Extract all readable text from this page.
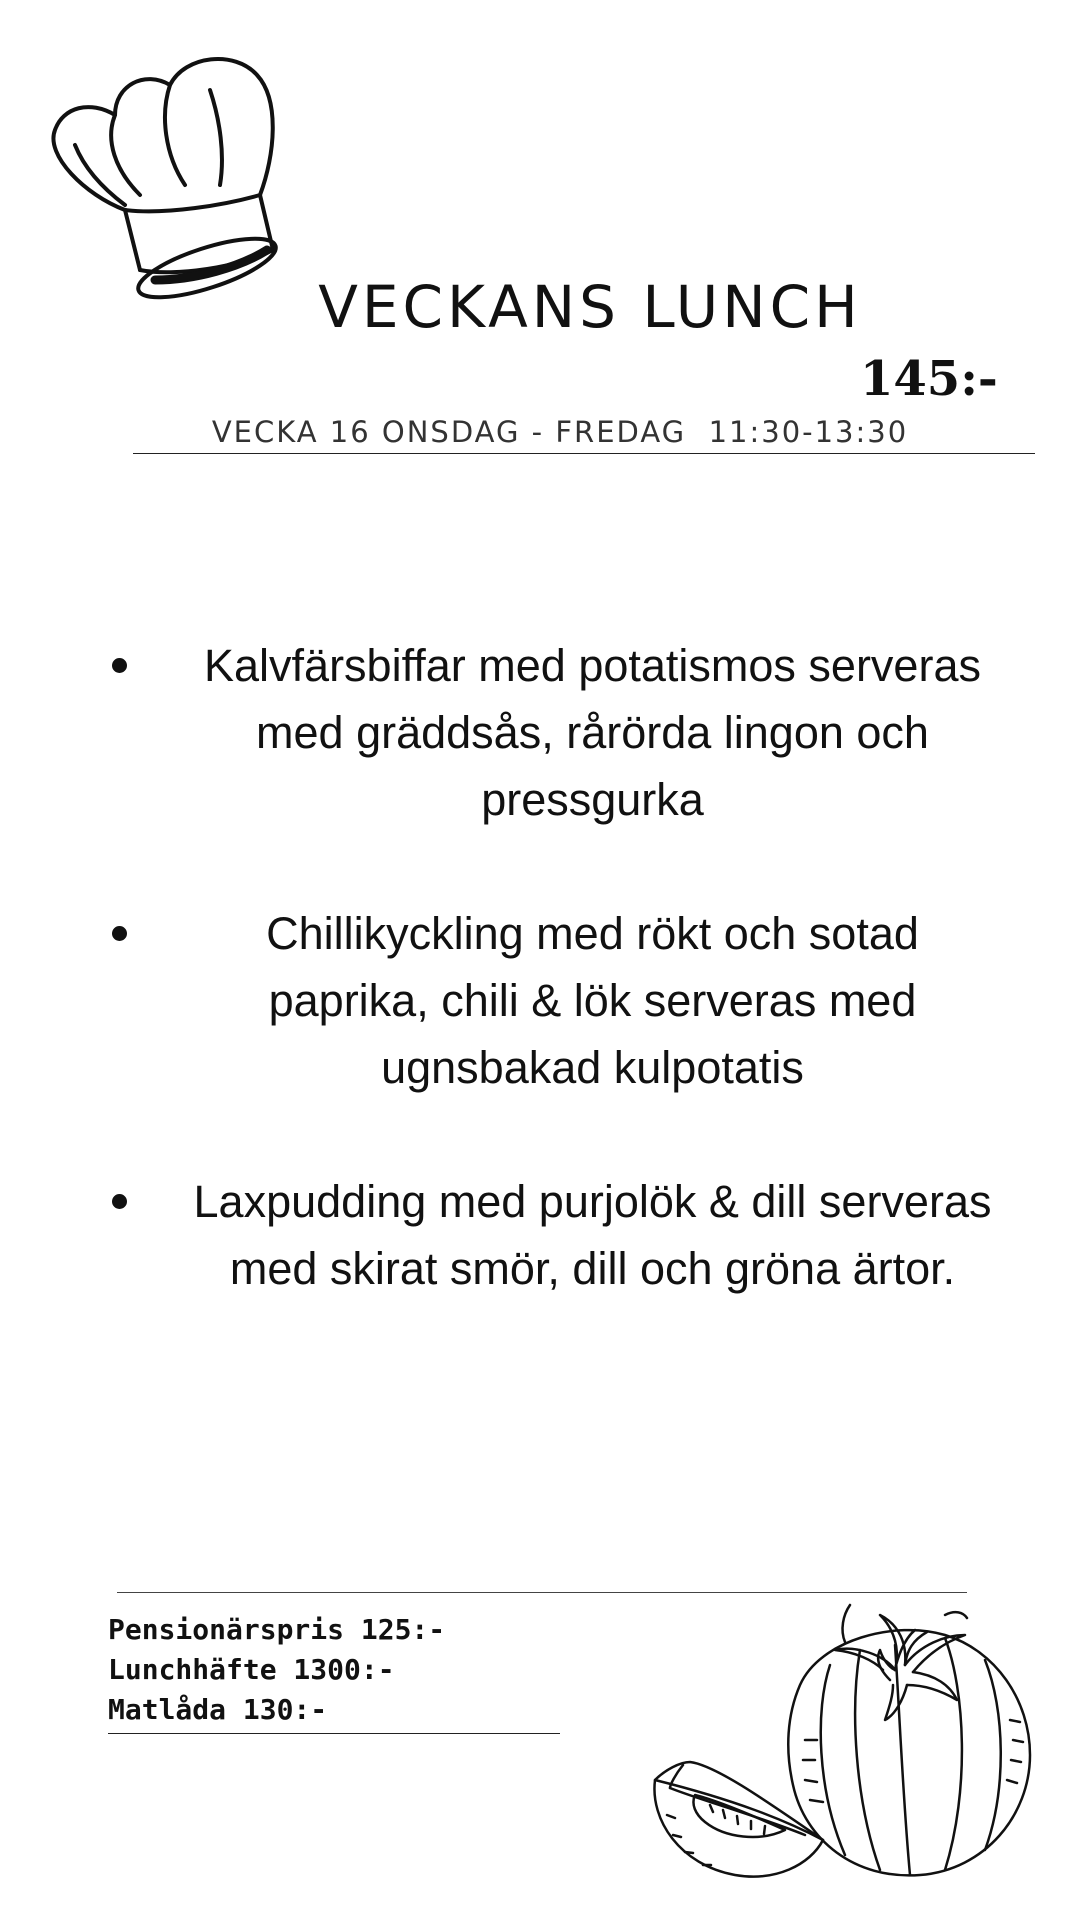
VECKANS LUNCH
145:-
VECKA 16 ONSDAG - FREDAG  11:30-13:30
Kalvfärsbiffar med potatismos serveras med gräddsås, rårörda lingon och pressgurka
Chillikyckling med rökt och sotad paprika, chili & lök serveras med ugnsbakad kulpotatis
Laxpudding med purjolök & dill serveras med skirat smör, dill och gröna ärtor.
Pensionärspris 125:-
Lunchhäfte 1300:-
Matlåda 130:-
